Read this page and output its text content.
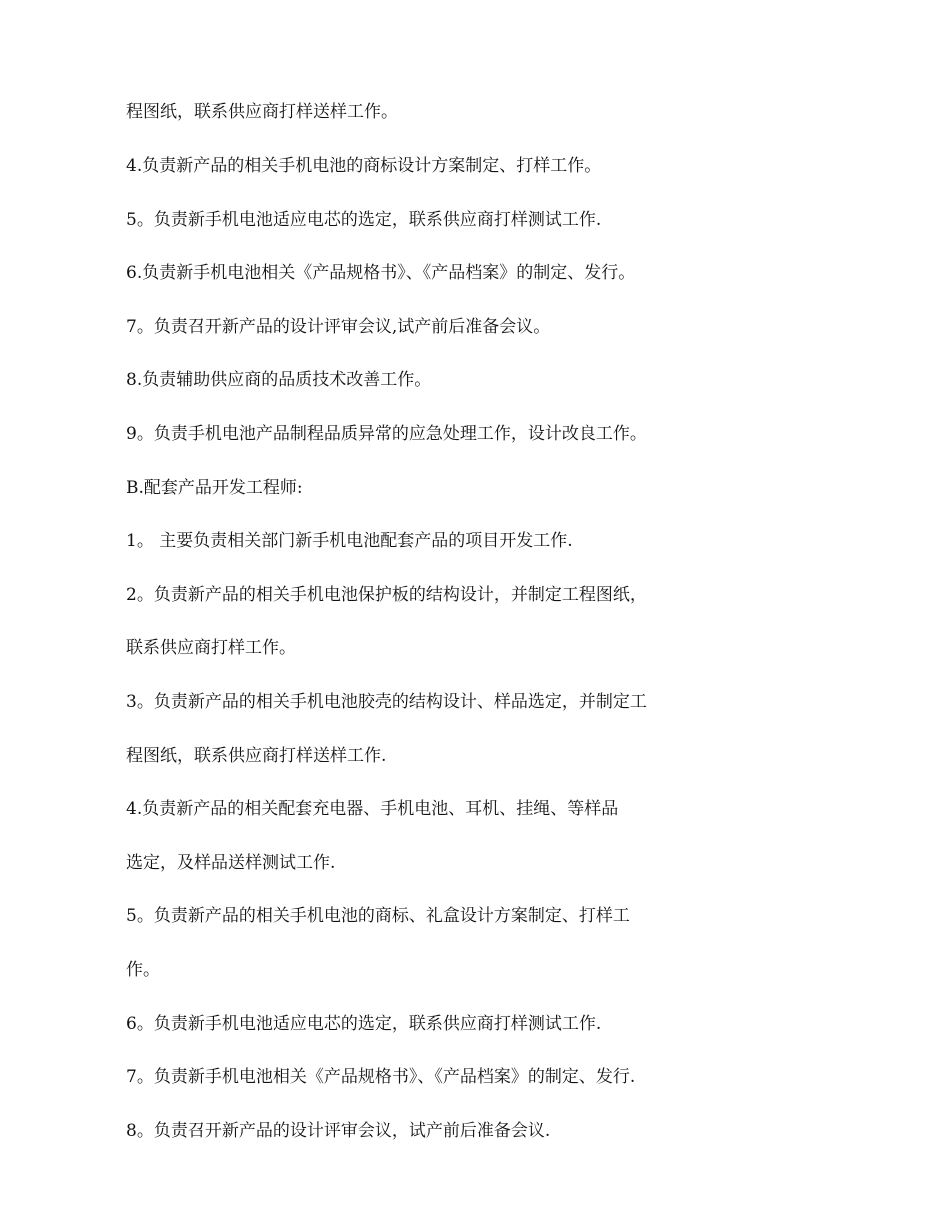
程图纸，联系供应商打样送样工作。
4.负责新产品的相关手机电池的商标设计方案制定、打样工作。
5。负责新手机电池适应电芯的选定，联系供应商打样测试工作.
6.负责新手机电池相关《产品规格书》、《产品档案》的制定、发行。
7。负责召开新产品的设计评审会议,试产前后准备会议。
8.负责辅助供应商的品质技术改善工作。
9。负责手机电池产品制程品质异常的应急处理工作，设计改良工作。
B.配套产品开发工程师:
1。 主要负责相关部门新手机电池配套产品的项目开发工作.
2。负责新产品的相关手机电池保护板的结构设计，并制定工程图纸，
联系供应商打样工作。
3。负责新产品的相关手机电池胶壳的结构设计、样品选定，并制定工
程图纸，联系供应商打样送样工作.
4.负责新产品的相关配套充电器、手机电池、耳机、挂绳、等样品
选定，及样品送样测试工作.
5。负责新产品的相关手机电池的商标、礼盒设计方案制定、打样工
作。
6。负责新手机电池适应电芯的选定，联系供应商打样测试工作.
7。负责新手机电池相关《产品规格书》、《产品档案》的制定、发行.
8。负责召开新产品的设计评审会议，试产前后准备会议.
